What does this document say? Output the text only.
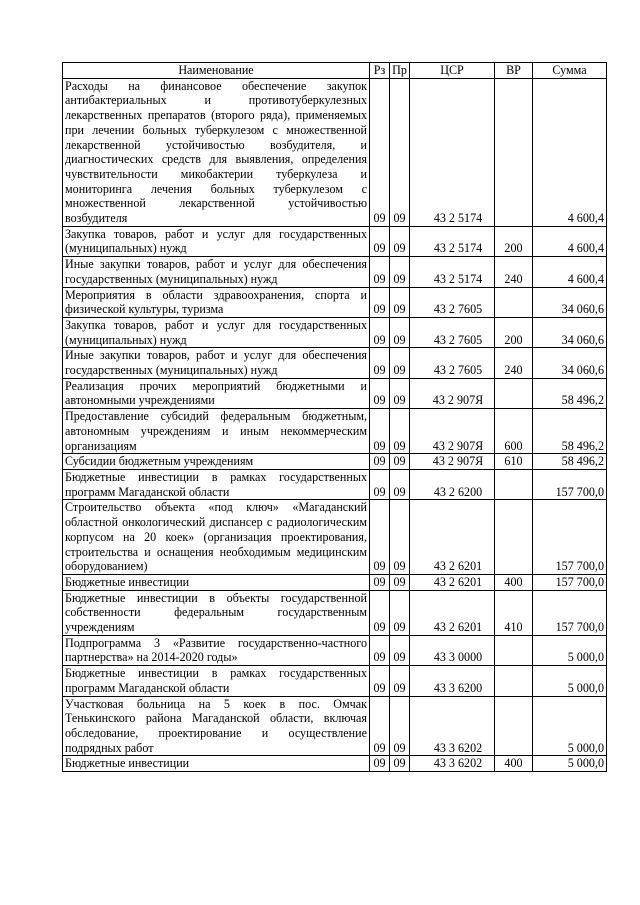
Наименование	Рз	Пр	ЦСР	ВР	Сумма
Расходы на финансовое обеспечение закупок антибактериальных и противотуберкулезных лекарственных препаратов (второго ряда), применяемых при лечении больных туберкулезом с множественной лекарственной устойчивостью возбудителя, и диагностических средств для выявления, определения чувствительности микобактерии туберкулеза и мониторинга лечения больных туберкулезом с множественной лекарственной устойчивостью возбудителя	09	09	43 2 5174		4 600,4
Закупка товаров, работ и услуг для государственных (муниципальных) нужд	09	09	43 2 5174	200	4 600,4
Иные закупки товаров, работ и услуг для обеспечения государственных (муниципальных) нужд	09	09	43 2 5174	240	4 600,4
Мероприятия в области здравоохранения, спорта и физической культуры, туризма	09	09	43 2 7605		34 060,6
Закупка товаров, работ и услуг для государственных (муниципальных) нужд	09	09	43 2 7605	200	34 060,6
Иные закупки товаров, работ и услуг для обеспечения государственных (муниципальных) нужд	09	09	43 2 7605	240	34 060,6
Реализация прочих мероприятий бюджетными и автономными учреждениями	09	09	43 2 907Я		58 496,2
Предоставление субсидий федеральным бюджетным, автономным учреждениям и иным некоммерческим организациям	09	09	43 2 907Я	600	58 496,2
Субсидии бюджетным учреждениям	09	09	43 2 907Я	610	58 496,2
Бюджетные инвестиции в рамках государственных программ Магаданской области	09	09	43 2 6200		157 700,0
Строительство объекта «под ключ» «Магаданский областной онкологический диспансер с радиологическим корпусом на 20 коек» (организация проектирования, строительства и оснащения необходимым медицинским оборудованием)	09	09	43 2 6201		157 700,0
Бюджетные инвестиции	09	09	43 2 6201	400	157 700,0
Бюджетные инвестиции в объекты государственной собственности федеральным государственным учреждениям	09	09	43 2 6201	410	157 700,0
Подпрограмма 3 «Развитие государственно-частного партнерства» на 2014-2020 годы»	09	09	43 3 0000		5 000,0
Бюджетные инвестиции в рамках государственных программ Магаданской области	09	09	43 3 6200		5 000,0
Участковая больница на 5 коек в пос. Омчак Тенькинского района Магаданской области, включая обследование, проектирование и осуществление подрядных работ	09	09	43 3 6202		5 000,0
Бюджетные инвестиции	09	09	43 3 6202	400	5 000,0
